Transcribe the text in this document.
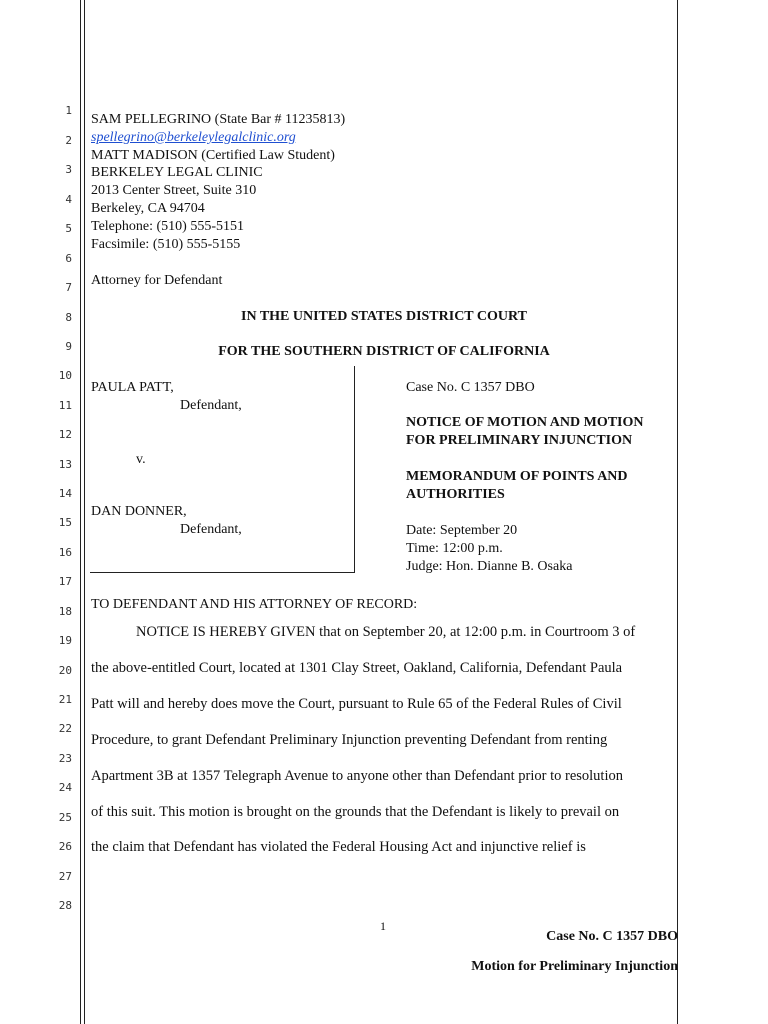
1
2
3
4
5
6
7
8
9
10
11
12
13
14
15
16
17
18
19
20
21
22
23
24
25
26
27
28
SAM PELLEGRINO (State Bar # 11235813)
spellegrino@berkeleylegalclinic.org
MATT MADISON (Certified Law Student)
BERKELEY LEGAL CLINIC
2013 Center Street, Suite 310
Berkeley, CA 94704
Telephone: (510) 555-5151
Facsimile: (510) 555-5155
Attorney for Defendant
IN THE UNITED STATES DISTRICT COURT
FOR THE SOUTHERN DISTRICT OF CALIFORNIA
PAULA PATT,
Defendant,
v.
DAN DONNER,
Defendant,
Case No. C 1357 DBO
NOTICE OF MOTION AND MOTION
FOR PRELIMINARY INJUNCTION
MEMORANDUM OF POINTS AND
AUTHORITIES
Date: September 20
Time: 12:00 p.m.
Judge: Hon. Dianne B. Osaka
TO DEFENDANT AND HIS ATTORNEY OF RECORD:
NOTICE IS HEREBY GIVEN that on September 20, at 12:00 p.m. in Courtroom 3 of
the above-entitled Court, located at 1301 Clay Street, Oakland, California, Defendant Paula
Patt will and hereby does move the Court, pursuant to Rule 65 of the Federal Rules of Civil
Procedure, to grant Defendant Preliminary Injunction preventing Defendant from renting
Apartment 3B at 1357 Telegraph Avenue to anyone other than Defendant prior to resolution
of this suit. This motion is brought on the grounds that the Defendant is likely to prevail on
the claim that Defendant has violated the Federal Housing Act and injunctive relief is
1
Case No. C 1357 DBO
Motion for Preliminary Injunction
